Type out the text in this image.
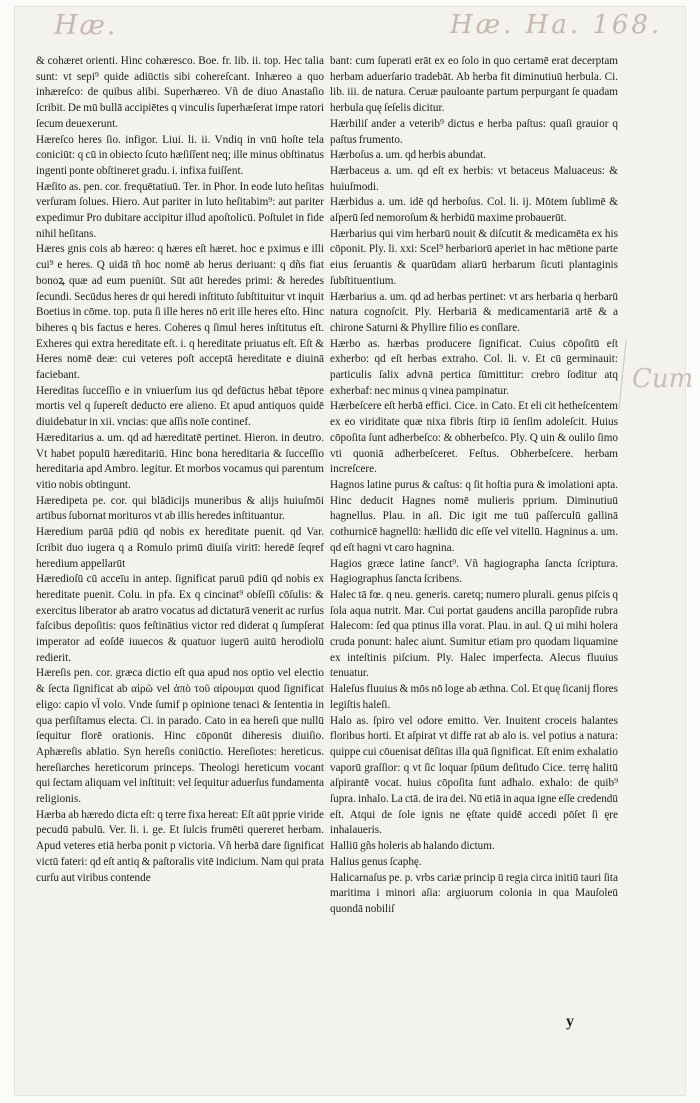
Hæ.	Hæ. Ha. 168.

& cohæret orienti. Hinc cohæresco. Boe. fr. lib. ii. top. Hec talia sunt: vt sepi⁹ quide adiūctis sibi cohereſcant. Inhæreo a quo inhæreſco: de quibus alibi. Superhæreo. Vñ de diuo Anastaſio ſcribit. De mū bullā accipiētes q vinculis ſuperhæſerat impe ratori ſecum deuexerunt.

Hæreſco heres ſio. infigor. Liui. li. ii. Vndiq in vnū hoſte tela coniciūt: q cū in obiecto ſcuto hæſiſſent neq; ille minus obſtinatus ingenti ponte obſtineret gradu. i. infixa fuiſſent.

Hæſito as. pen. cor. frequētatiuū. Ter. in Phor. In eode luto heſitas verſuram ſolues. Hiero. Aut pariter in luto heſitabim⁹: aut pariter expedimur Pro dubitare accipitur illud apoſtolicū. Poſtulet in fide nihil heſitans.

Hæres gnis cois ab hæreo: q hæres eſt hæret. hoc e pximus e illi cui⁹ e heres. Q uidā tñ hoc nomē ab herus deriuant: q dñs fiat bonoꝝ quæ ad eum pueniūt. Sūt aūt heredes primi: & heredes ſecundi. Secūdus heres dr qui heredi inſtituto ſubſtituitur vt inquit Boetius in cōme. top. puta ſi ille heres nō erit ille heres eſto. Hinc biheres q bis factus e heres. Coheres q ſimul heres inſtitutus eſt. Exheres qui extra hereditate eſt. i. q hereditate priuatus eſt. Eſt & Heres nomē deæ: cui veteres poſt acceptā hereditate e diuinā faciebant.

Hereditas ſucceſſio e in vniuerſum ius qd defūctus hēbat tēpore mortis vel q ſupereſt deducto ere alieno. Et apud antiquos quidē diuidebatur in xii. vncias: que aſſis noīe continef.

Hæreditarius a. um. qd ad hæreditatē pertinet. Hieron. in deutro. Vt habet populū hæreditariū. Hinc bona hereditaria & ſucceſſio hereditaria apd Ambro. legitur. Et morbos vocamus qui parentum vitio nobis obtingunt.

Hæredipeta pe. cor. qui blādicijs muneribus & alijs huiuſmōi artibus ſubornat morituros vt ab illis heredes inſtituantur.

Hæredium parūā pdiū qd nobis ex hereditate puenit. qd Var. ſcribit duo iugera q a Romulo primū diuiſa viritī: heredē ſeqref heredium appellarūt

Hæredioſū cū acceīu in antep. ſignificat paruū pdiū qd nobis ex hereditate puenit. Colu. in pfa. Ex q cincinat⁹ obſeſſi cōſulis: & exercitus liberator ab aratro vocatus ad dictaturā venerit ac rurſus faſcibus depoſitis: quos feſtinātius victor red diderat q ſumpſerat imperator ad eoſdē iuuecos & quatuor iugerū auitū herodiolū redierit.

Hæreſis pen. cor. græca dictio eſt qua apud nos optio vel electio & ſecta ſignificat ab αἱρῶ vel ἀπὸ τοῦ αἱρουμαι quod ſignificat eligo: capio vl̄ volo. Vnde ſumif p opinione tenaci & ſententia in qua perſiſtamus electa. Ci. in parado. Cato in ea hereſi que nullū ſequitur florē orationis. Hinc cōponūt diheresis diuiſio. Aphæreſis ablatio. Syn hereſis coniūctio. Hereſiotes: hereticus. hereſiarches hereticorum princeps. Theologi hereticum vocant qui ſectam aliquam vel inſtituit: vel ſequitur aduerſus fundamenta religionis.

Hærba ab hæredo dicta eſt: q terre fixa hereat: Eſt aūt pprie viride pecudū pabulū. Ver. li. i. ge. Et ſulcis frumēti quereret herbam. Apud veteres etiā herba ponit p victoria. Vñ herbā dare ſignificat victū fateri: qd eſt antiq & paſtoralis vitē indicium. Nam qui prata curſu aut viribus contende

bant: cum ſuperati erāt ex eo ſolo in quo certamē erat decerptam herbam aduerſario tradebāt. Ab herba fit diminutiuū herbula. Ci. lib. iii. de natura. Ceruæ pauloante partum perpurgant ſe quadam herbula quę ſeſelis dicitur.

Hærbiliſ ander a veterib⁹ dictus e herba paſtus: quaſi grauior q paſtus frumento.

Hærboſus a. um. qd herbis abundat.

Hærbaceus a. um. qd eſt ex herbis: vt betaceus Maluaceus: & huiuſmodi.

Hærbidus a. um. idē qd herboſus. Col. li. ij. Mōtem ſublimē & aſperū ſed nemoroſum & herbidū maxime probauerūt.

Hærbarius qui vim herbarū nouit & diſcutit & medicamēta ex his cōponit. Ply. li. xxi: Scel⁹ herbariorū aperiet in hac mētione parte eius ſeruantis & quarūdam aliarū herbarum ſicuti plantaginis ſubſtituentium.

Hærbarius a. um. qd ad herbas pertinet: vt ars herbaria q herbarū natura cognoſcit. Ply. Herbariā & medicamentariā artē & a chirone Saturni & Phyllire filio es conſlare.

Hærbo as. hærbas producere ſignificat. Cuius cōpoſitū eſt exherbo: qd eſt herbas extraho. Col. li. v. Et cū germinauit: particulis ſalix advnā pertica ſūmittitur: crebro ſoditur atq exherbaf: nec minus q vinea pampinatur.

Hærbeſcere eſt herbā effici. Cice. in Cato. Et eli cit hetheſcentem ex eo viriditate quæ nixa fibris ſtirp iū ſenſim adoleſcit. Huius cōpoſita ſunt adherbeſco: & obherbeſco. Ply. Q uin & oulilo ſimo vti quoniā adherbeſceret. Feſtus. Obherbeſcere. herbam increſcere.

Hagnos latine purus & caſtus: q ſit hoſtia pura & imolationi apta. Hinc deducit Hagnes nomē mulieris pprium. Diminutiuū hagnellus. Plau. in aſi. Dic igit me tuū paſſerculū gallinā cothurnicē hagnellū: hællidū dic eſſe vel vitellū. Hagninus a. um. qd eſt hagni vt caro hagnina.

Hagios græce latine ſanct⁹. Vñ hagiographa ſancta ſcriptura. Hagiographus ſancta ſcribens.

Halec tā fœ. q neu. generis. caretq; numero plurali. genus piſcis q ſola aqua nutrit. Mar. Cui portat gaudens ancilla paropſide rubra Halecom: ſed qua ptinus illa vorat. Plau. in aul. Q ui mihi holera cruda ponunt: halec aiunt. Sumitur etiam pro quodam liquamine ex inteſtinis piſcium. Ply. Halec imperfecta. Alecus fluuius tenuatur.

Haleſus fluuius & mōs nō loge ab æthna. Col. Et quę ſicanij flores legiſtis haleſi.

Halo as. ſpiro vel odore emitto. Ver. Inuitent croceis halantes floribus horti. Et aſpirat vt diffe rat ab alo is. vel potius a natura: quippe cui cōuenisat dēſitas illa quā ſignificat. Eſt enim exhalatio vaporū graſſior: q vt ſic loquar ſpūum deſitudo Cice. terrę halitū aſpirantē vocat. huius cōpoſita ſunt adhalo. exhalo: de quib⁹ ſupra. inhalo. La ctā. de ira dei. Nū etiā in aqua igne eſſe credendū eſt. Atqui de ſole ignis ne ęſtate quidē accedi pōſet ſi ęre inhalaueris.

Halliū gñs holeris ab halando dictum.

Halius genus ſcaphę.

Halicarnaſus pe. p. vrbs cariæ princip ū regia circa initiū tauri ſita maritima i minori aſia: argiuorum colonia in qua Mauſoleū quondā nobiliſ

Cum
y
